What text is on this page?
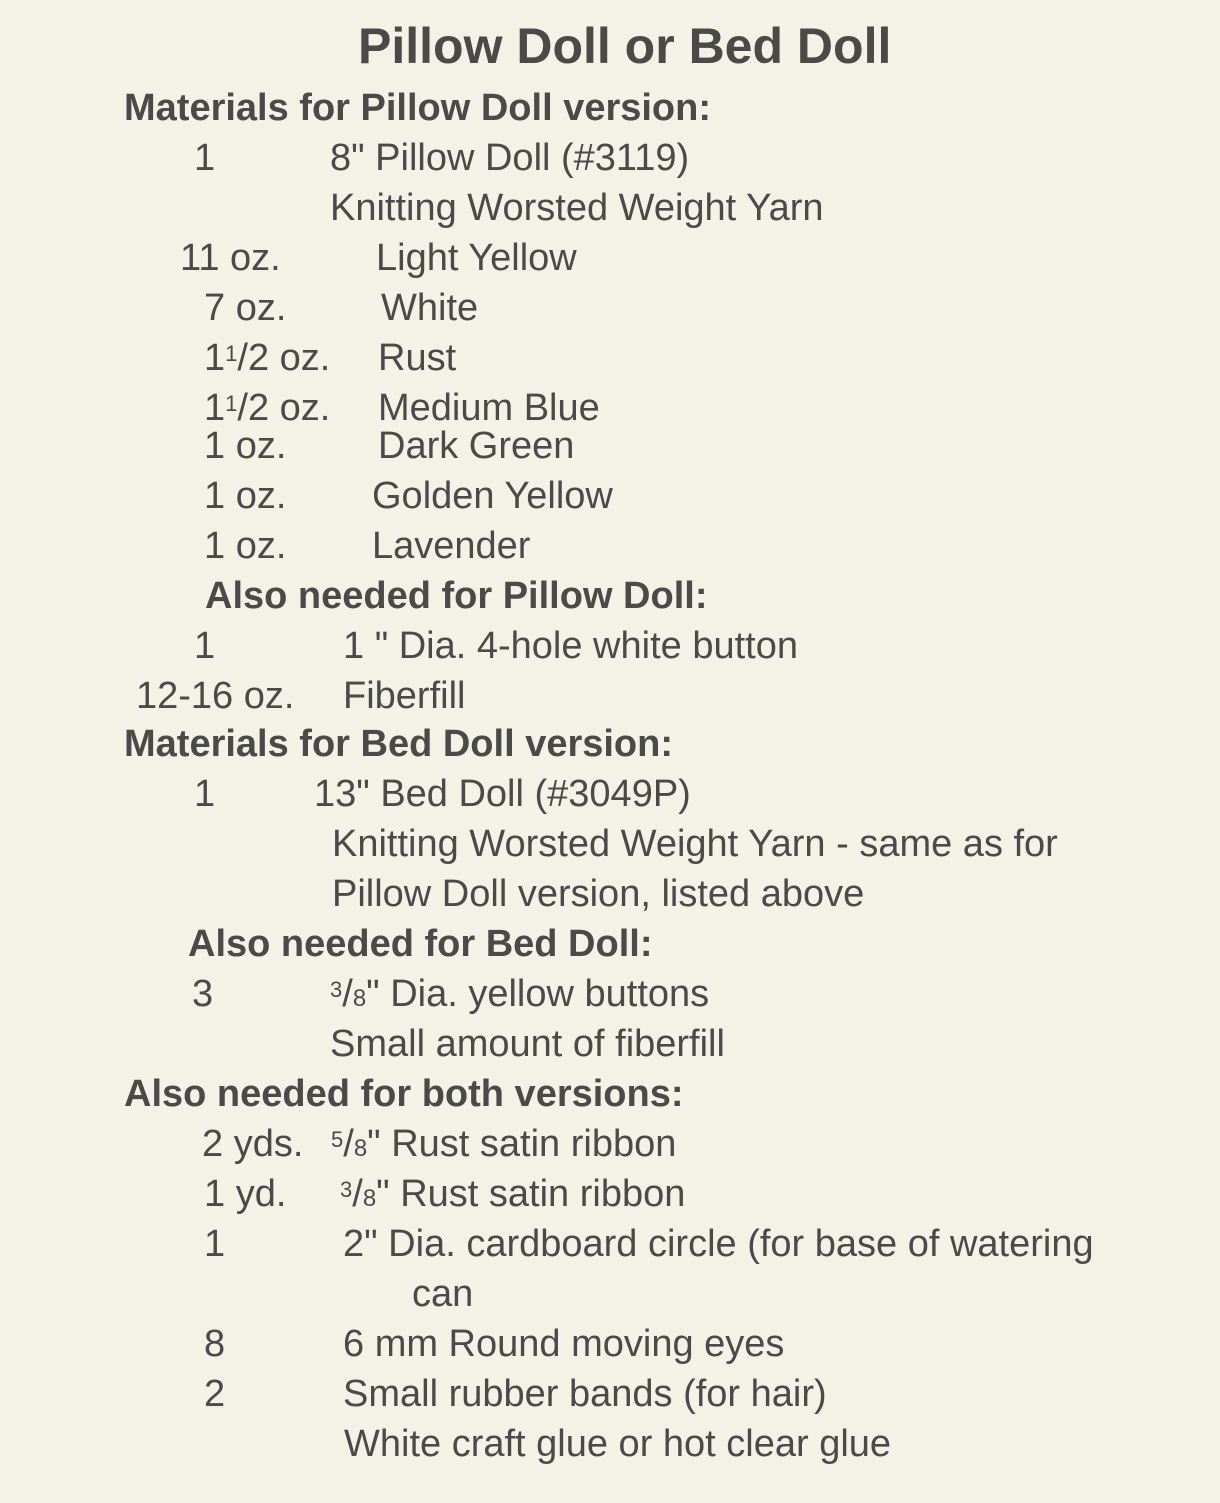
Pillow Doll or Bed Doll
Materials for Pillow Doll version:
1	8" Pillow Doll (#3119)
Knitting Worsted Weight Yarn
11 oz.	Light Yellow
7 oz. White
$1^1/2$ oz. Rust
$1^1/2$ oz. Medium Blue
1 oz. Dark Green
1 oz. Golden Yellow
1 oz. Lavender
Also needed for Pillow Doll:
1	1 " Dia. 4-hole white button
12-16 oz. Fiberfill
Materials for Bed Doll version:
1	13" Bed Doll (#3049P)
Knitting Worsted Weight Yarn - same as for
Pillow Doll version, listed above
Also needed for Bed Doll:
3	$^3$/8" Dia. yellow buttons
Small amount of fiberfill
Also needed for both versions:
2 yds. $^5$/8" Rust satin ribbon
1 yd. $^3$/8" Rust satin ribbon
1	2" Dia. cardboard circle (for base of watering
can
8	6 mm Round moving eyes
2	Small rubber bands (for hair)
White craft glue or hot clear glue
